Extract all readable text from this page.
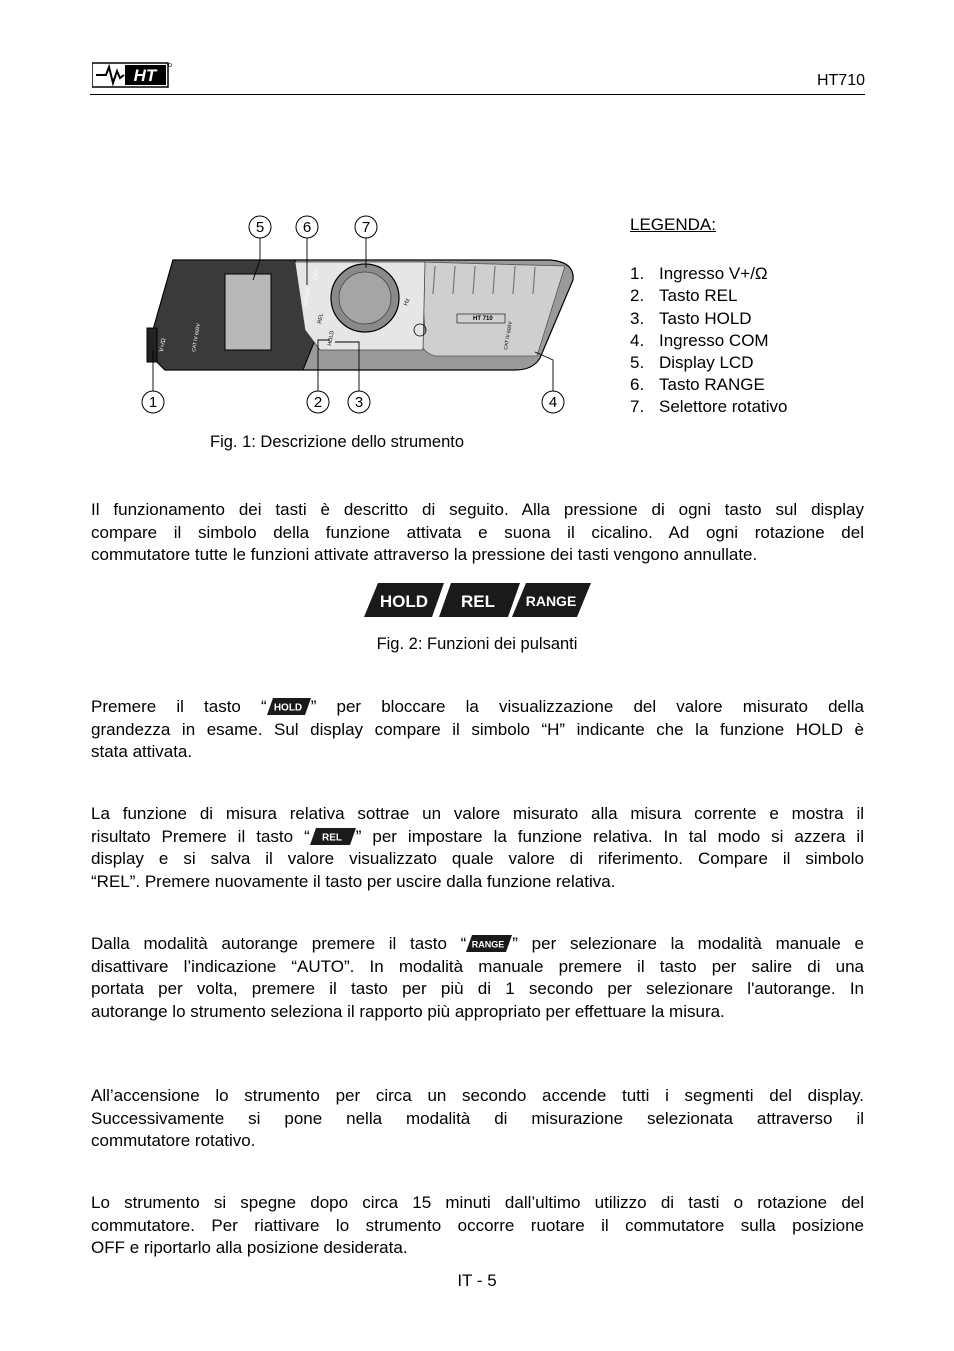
HT	HT710
HT 710
OFF
Hz
RANGE
REL
HOLD
V+/Ω	CAT IV 600V	CAT IV 600V
5	6	7
1	2 3	4
LEGENDA:
1. Ingresso V+/Ω
2. Tasto REL
3. Tasto HOLD
4. Ingresso COM
5. Display LCD
6. Tasto RANGE
7. Selettore rotativo
Fig. 1: Descrizione dello strumento

Il funzionamento dei tasti è descritto di seguito. Alla pressione di ogni tasto sul display
compare il simbolo della funzione attivata e suona il cicalino. Ad ogni rotazione del
commutatore tutte le funzioni attivate attraverso la pressione dei tasti vengono annullate.

HOLD REL RANGE
Fig. 2: Funzioni dei pulsanti

Premere il tasto “ HOLD ” per bloccare la visualizzazione del valore misurato della
grandezza in esame. Sul display compare il simbolo “H” indicante che la funzione HOLD è
stata attivata.

La funzione di misura relativa sottrae un valore misurato alla misura corrente e mostra il
risultato Premere il tasto “ REL ” per impostare la funzione relativa. In tal modo si azzera il
display e si salva il valore visualizzato quale valore di riferimento. Compare il simbolo
“REL”. Premere nuovamente il tasto per uscire dalla funzione relativa.

Dalla modalità autorange premere il tasto “ RANGE ” per selezionare la modalità manuale e
disattivare l’indicazione “AUTO”. In modalità manuale premere il tasto per salire di una
portata per volta, premere il tasto per più di 1 secondo per selezionare l'autorange. In
autorange lo strumento seleziona il rapporto più appropriato per effettuare la misura.

All’accensione lo strumento per circa un secondo accende tutti i segmenti del display.
Successivamente si pone nella modalità di misurazione selezionata attraverso il
commutatore rotativo.

Lo strumento si spegne dopo circa 15 minuti dall’ultimo utilizzo di tasti o rotazione del
commutatore. Per riattivare lo strumento occorre ruotare il commutatore sulla posizione
OFF e riportarlo alla posizione desiderata.

IT - 5
